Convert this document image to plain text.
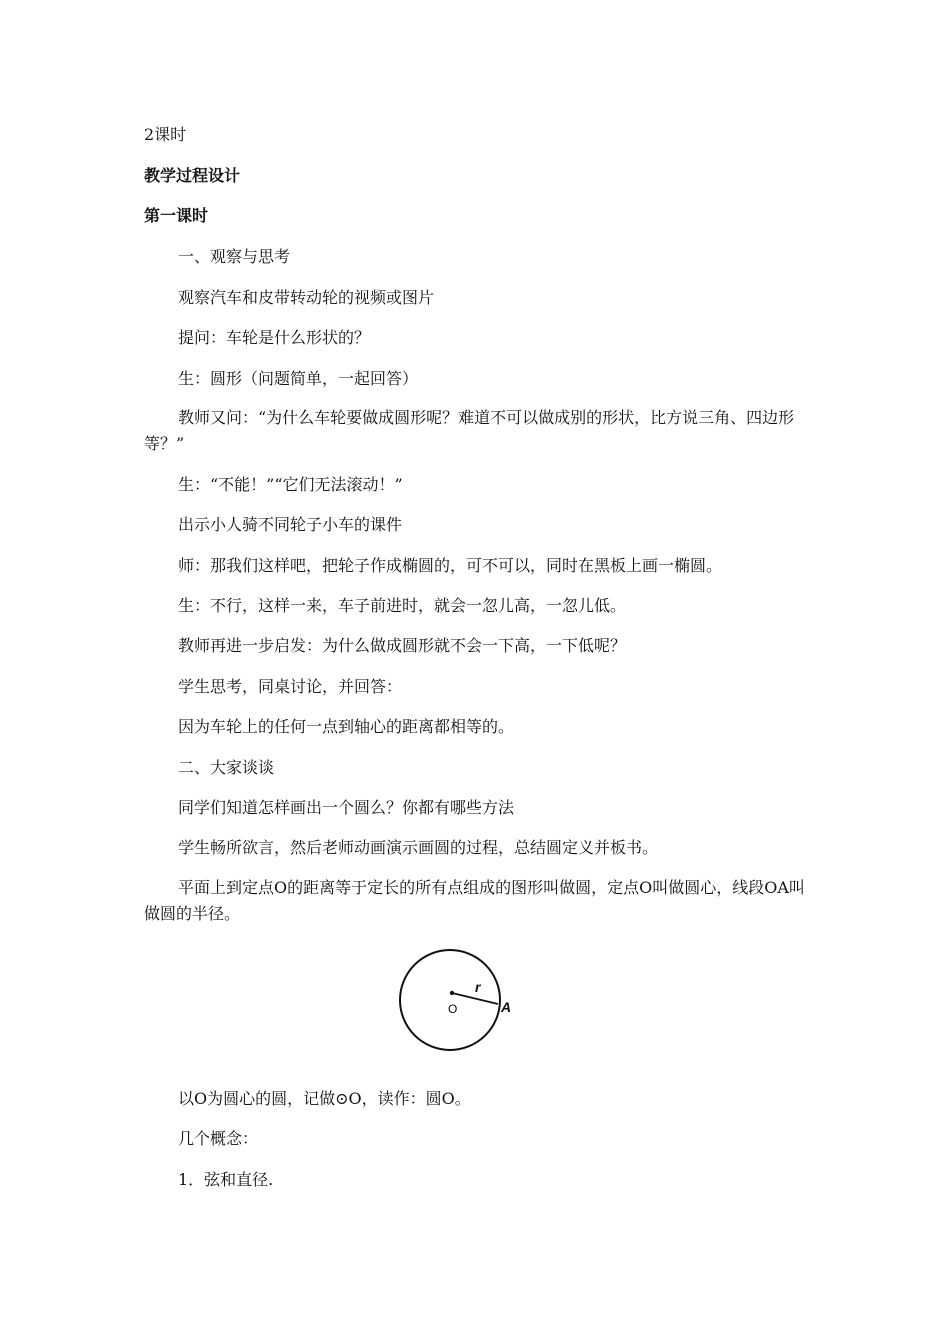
2课时
教学过程设计
第一课时
一、观察与思考
观察汽车和皮带转动轮的视频或图片
提问：车轮是什么形状的？
生：圆形（问题简单，一起回答）
教师又问：“为什么车轮要做成圆形呢？难道不可以做成别的形状，比方说三角、四边形等？”
生：“不能！”“它们无法滚动！”
出示小人骑不同轮子小车的课件
师：那我们这样吧，把轮子作成椭圆的，可不可以，同时在黑板上画一椭圆。
生：不行，这样一来，车子前进时，就会一忽儿高，一忽儿低。
教师再进一步启发：为什么做成圆形就不会一下高，一下低呢？
学生思考，同桌讨论，并回答：
因为车轮上的任何一点到轴心的距离都相等的。
二、大家谈谈
同学们知道怎样画出一个圆么？你都有哪些方法
学生畅所欲言，然后老师动画演示画圆的过程，总结圆定义并板书。
平面上到定点O的距离等于定长的所有点组成的图形叫做圆，定点O叫做圆心，线段OA叫做圆的半径。
O
r
A
以O为圆心的圆，记做⊙O，读作：圆O。
几个概念：
1．弦和直径.
